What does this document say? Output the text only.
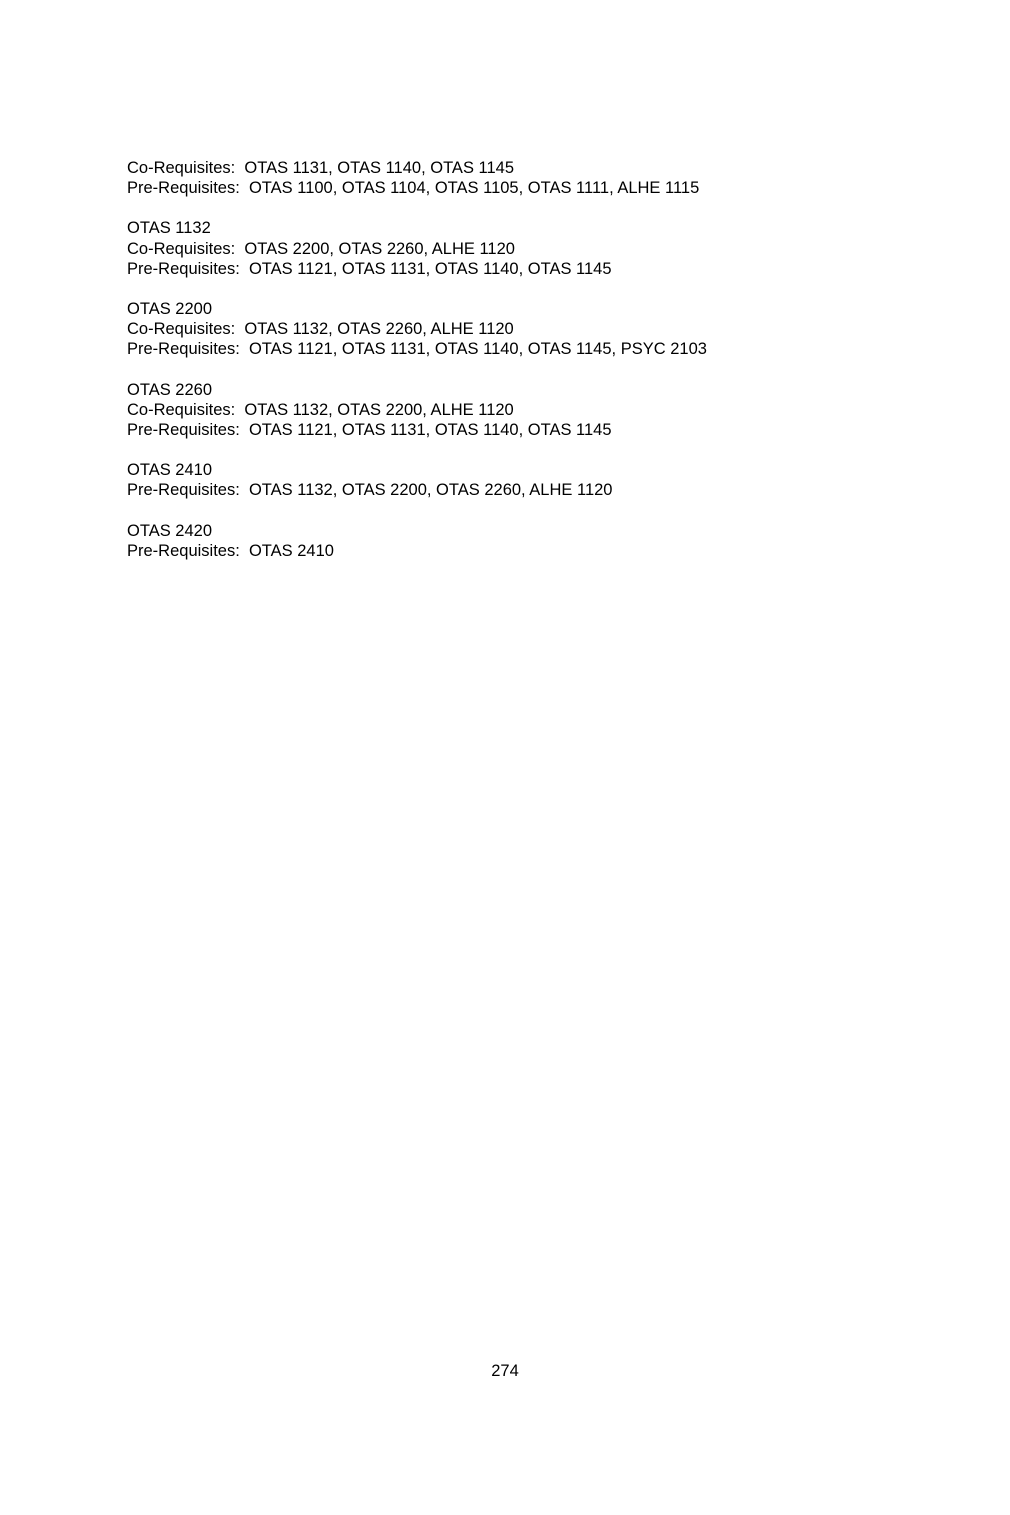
Co-Requisites:  OTAS 1131, OTAS 1140, OTAS 1145
Pre-Requisites:  OTAS 1100, OTAS 1104, OTAS 1105, OTAS 1111, ALHE 1115
OTAS 1132
Co-Requisites:  OTAS 2200, OTAS 2260, ALHE 1120
Pre-Requisites:  OTAS 1121, OTAS 1131, OTAS 1140, OTAS 1145
OTAS 2200
Co-Requisites:  OTAS 1132, OTAS 2260, ALHE 1120
Pre-Requisites:  OTAS 1121, OTAS 1131, OTAS 1140, OTAS 1145, PSYC 2103
OTAS 2260
Co-Requisites:  OTAS 1132, OTAS 2200, ALHE 1120
Pre-Requisites:  OTAS 1121, OTAS 1131, OTAS 1140, OTAS 1145
OTAS 2410
Pre-Requisites:  OTAS 1132, OTAS 2200, OTAS 2260, ALHE 1120
OTAS 2420
Pre-Requisites:  OTAS 2410
274
